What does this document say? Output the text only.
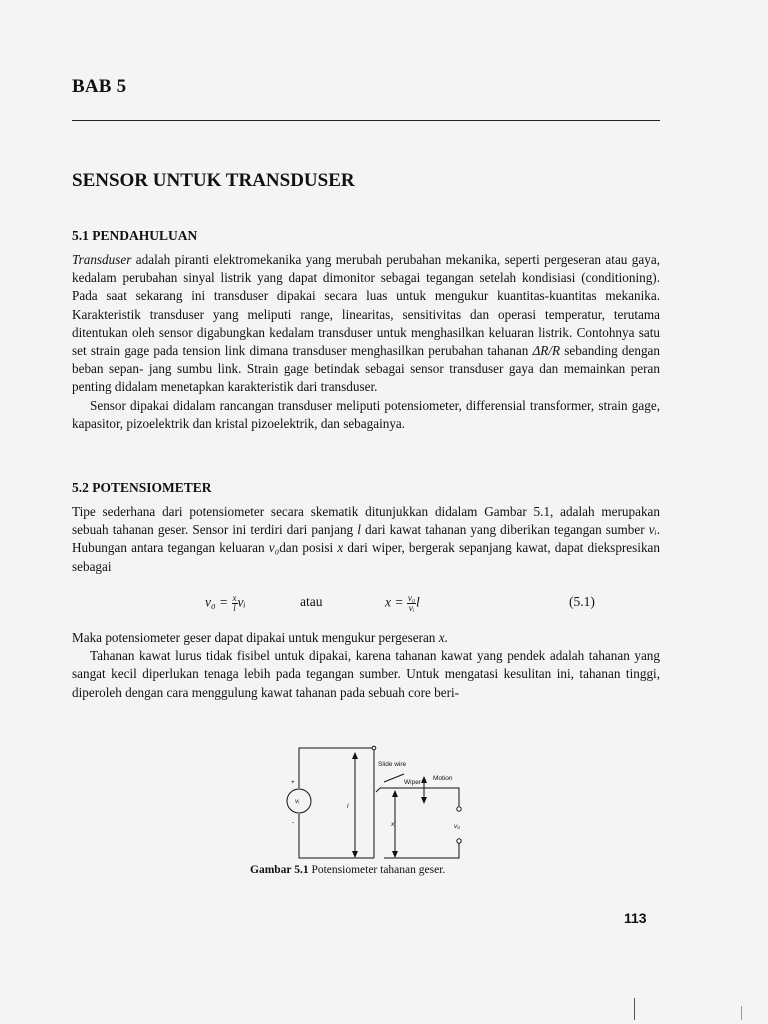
BAB 5
SENSOR UNTUK TRANSDUSER
5.1 PENDAHULUAN

Transduser adalah piranti elektromekanika yang merubah perubahan mekanika, seperti pergeseran atau gaya, kedalam perubahan sinyal listrik yang dapat dimonitor sebagai tegangan setelah kondisiasi (conditioning). Pada saat sekarang ini transduser dipakai secara luas untuk mengukur kuantitas-kuantitas mekanika. Karakteristik transduser yang meliputi range, linearitas, sensitivitas dan operasi temperatur, terutama ditentukan oleh sensor digabungkan kedalam transduser untuk menghasilkan keluaran listrik. Contohnya satu set strain gage pada tension link dimana transduser menghasilkan perubahan tahanan ΔR/R sebanding dengan beban sepan- jang sumbu link. Strain gage betindak sebagai sensor transduser gaya dan memainkan peran penting didalam menetapkan karakteristik dari transduser.

Sensor dipakai didalam rancangan transduser meliputi potensiometer, differensial transformer, strain gage, kapasitor, pizoelektrik dan kristal pizoelektrik, dan sebagainya.

5.2 POTENSIOMETER

Tipe sederhana dari potensiometer secara skematik ditunjukkan didalam Gambar 5.1, adalah merupakan sebuah tahanan geser. Sensor ini terdiri dari panjang l dari kawat tahanan yang diberikan tegangan sumber vᵢ. Hubungan antara tegangan keluaran v₀dan posisi x dari wiper, bergerak sepanjang kawat, dapat diekspresikan sebagai

$v_0 = \frac{x}{l}$ vᵢ	atau	$x = \frac{\text{v₀}}{\text{vᵢ}}$ l	(5.1)

Maka potensiometer geser dapat dipakai untuk mengukur pergeseran x.

Tahanan kawat lurus tidak fisibel untuk dipakai, karena tahanan kawat yang pendek adalah tahanan yang sangat kecil diperlukan tenaga lebih pada tegangan sumber. Untuk mengatasi kesulitan ini, tahanan tinggi, diperoleh dengan cara menggulung kawat tahanan pada sebuah core beri-

Slide wire
Wiper
Motion
+
-
vᵢ
l
x	v₀
Gambar 5.1 Potensiometer tahanan geser.
113
